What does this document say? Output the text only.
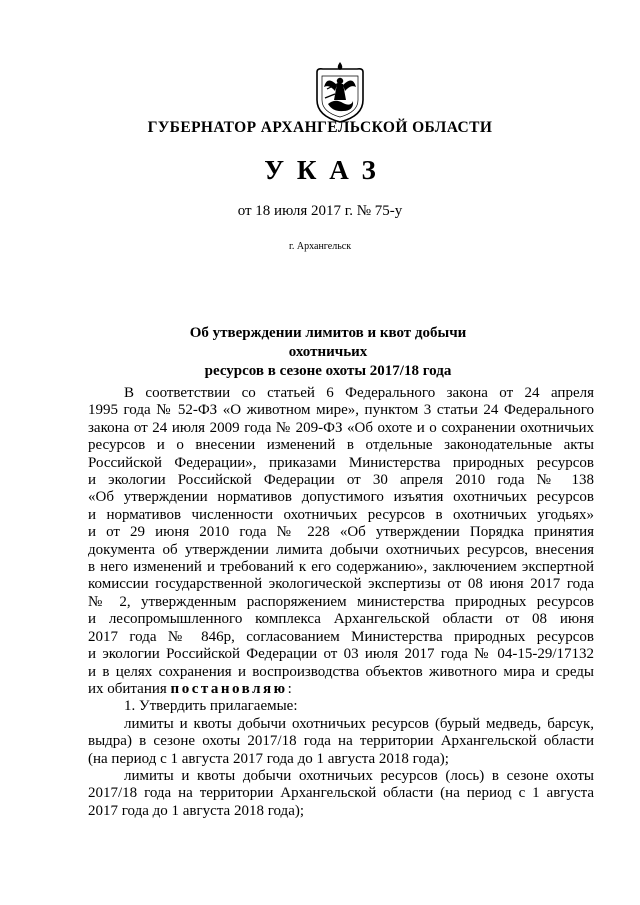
ГУБЕРНАТОР АРХАНГЕЛЬСКОЙ ОБЛАСТИ
У К А З
от 18 июля 2017 г. № 75-у
г. Архангельск
Об утверждении лимитов и квот добычи охотничьих
ресурсов в сезоне охоты 2017/18 года
В соответствии со статьей 6 Федерального закона от 24 апреля
1995 года № 52-ФЗ «О животном мире», пунктом 3 статьи 24 Федерального
закона от 24 июля 2009 года № 209-ФЗ «Об охоте и о сохранении охотничьих
ресурсов и о внесении изменений в отдельные законодательные акты
Российской Федерации», приказами Министерства природных ресурсов
и экологии Российской Федерации от 30 апреля 2010 года № 138
«Об утверждении нормативов допустимого изъятия охотничьих ресурсов
и нормативов численности охотничьих ресурсов в охотничьих угодьях»
и от 29 июня 2010 года № 228 «Об утверждении Порядка принятия
документа об утверждении лимита добычи охотничьих ресурсов, внесения
в него изменений и требований к его содержанию», заключением экспертной
комиссии государственной экологической экспертизы от 08 июня 2017 года
№ 2, утвержденным распоряжением министерства природных ресурсов
и лесопромышленного комплекса Архангельской области от 08 июня
2017 года № 846р, согласованием Министерства природных ресурсов
и экологии Российской Федерации от 03 июля 2017 года № 04-15-29/17132
и в целях сохранения и воспроизводства объектов животного мира и среды
их обитания постановляю:
1. Утвердить прилагаемые:
лимиты и квоты добычи охотничьих ресурсов (бурый медведь, барсук,
выдра) в сезоне охоты 2017/18 года на территории Архангельской области
(на период с 1 августа 2017 года до 1 августа 2018 года);
лимиты и квоты добычи охотничьих ресурсов (лось) в сезоне охоты
2017/18 года на территории Архангельской области (на период с 1 августа
2017 года до 1 августа 2018 года);
